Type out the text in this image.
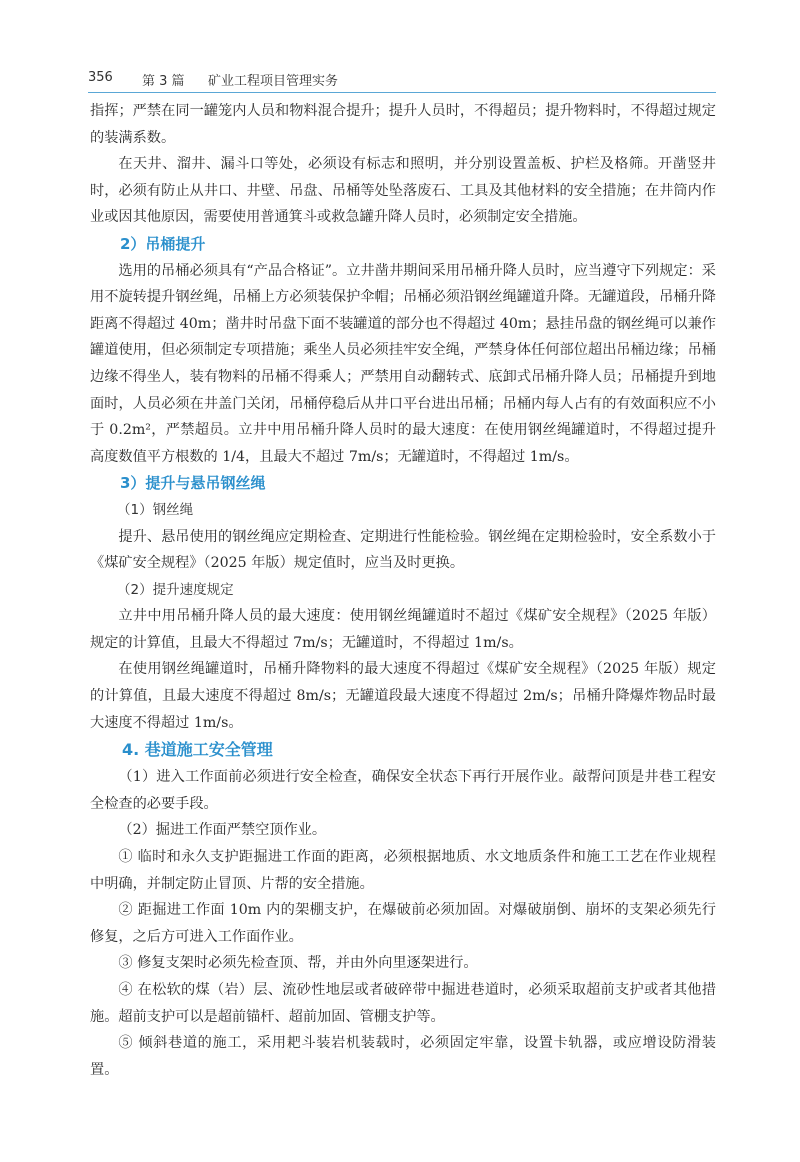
356 第 3 篇 矿业工程项目管理实务

指挥；严禁在同一罐笼内人员和物料混合提升；提升人员时，不得超员；提升物料时，不得超过规定的装满系数。

在天井、溜井、漏斗口等处，必须设有标志和照明，并分别设置盖板、护栏及格筛。开凿竖井时，必须有防止从井口、井壁、吊盘、吊桶等处坠落废石、工具及其他材料的安全措施；在井筒内作业或因其他原因，需要使用普通箕斗或救急罐升降人员时，必须制定安全措施。

2）吊桶提升

选用的吊桶必须具有“产品合格证”。立井凿井期间采用吊桶升降人员时，应当遵守下列规定：采用不旋转提升钢丝绳，吊桶上方必须装保护伞帽；吊桶必须沿钢丝绳罐道升降。无罐道段，吊桶升降距离不得超过 40m；凿井时吊盘下面不装罐道的部分也不得超过 40m；悬挂吊盘的钢丝绳可以兼作罐道使用，但必须制定专项措施；乘坐人员必须挂牢安全绳，严禁身体任何部位超出吊桶边缘；吊桶边缘不得坐人，装有物料的吊桶不得乘人；严禁用自动翻转式、底卸式吊桶升降人员；吊桶提升到地面时，人员必须在井盖门关闭，吊桶停稳后从井口平台进出吊桶；吊桶内每人占有的有效面积应不小于 0.2m²，严禁超员。立井中用吊桶升降人员时的最大速度：在使用钢丝绳罐道时，不得超过提升高度数值平方根数的 1/4，且最大不超过 7m/s；无罐道时，不得超过 1m/s。

3）提升与悬吊钢丝绳

（1）钢丝绳

提升、悬吊使用的钢丝绳应定期检查、定期进行性能检验。钢丝绳在定期检验时，安全系数小于《煤矿安全规程》（2025 年版）规定值时，应当及时更换。

（2）提升速度规定

立井中用吊桶升降人员的最大速度：使用钢丝绳罐道时不超过《煤矿安全规程》（2025 年版）规定的计算值，且最大不得超过 7m/s；无罐道时，不得超过 1m/s。

在使用钢丝绳罐道时，吊桶升降物料的最大速度不得超过《煤矿安全规程》（2025 年版）规定的计算值，且最大速度不得超过 8m/s；无罐道段最大速度不得超过 2m/s；吊桶升降爆炸物品时最大速度不得超过 1m/s。

4. 巷道施工安全管理

（1）进入工作面前必须进行安全检查，确保安全状态下再行开展作业。敲帮问顶是井巷工程安全检查的必要手段。

（2）掘进工作面严禁空顶作业。

① 临时和永久支护距掘进工作面的距离，必须根据地质、水文地质条件和施工工艺在作业规程中明确，并制定防止冒顶、片帮的安全措施。

② 距掘进工作面 10m 内的架棚支护，在爆破前必须加固。对爆破崩倒、崩坏的支架必须先行修复，之后方可进入工作面作业。

③ 修复支架时必须先检查顶、帮，并由外向里逐架进行。

④ 在松软的煤（岩）层、流砂性地层或者破碎带中掘进巷道时，必须采取超前支护或者其他措施。超前支护可以是超前锚杆、超前加固、管棚支护等。

⑤ 倾斜巷道的施工，采用耙斗装岩机装载时，必须固定牢靠，设置卡轨器，或应增设防滑装置。
